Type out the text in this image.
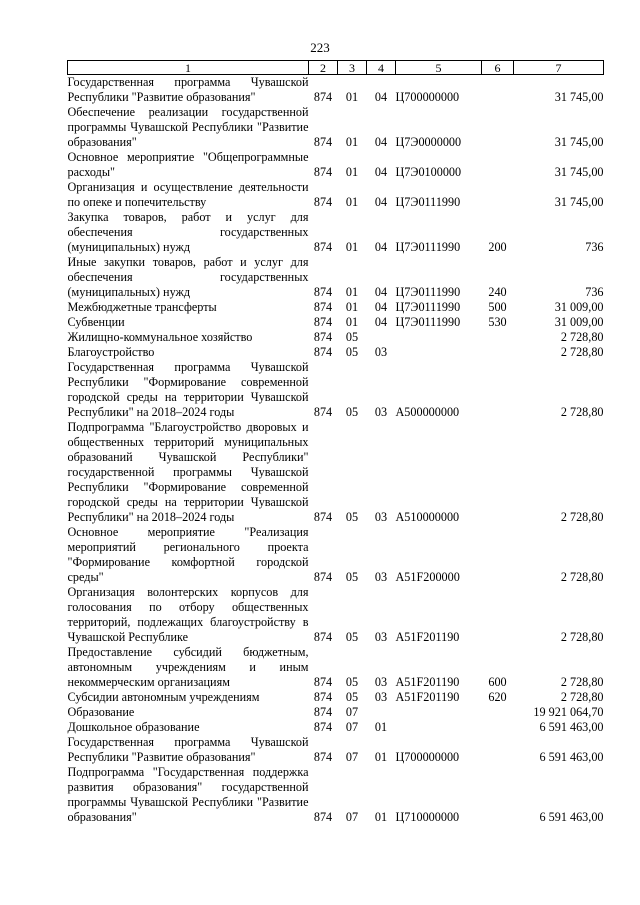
223
1	2	3	4	5	6	7
Государственная программа Чувашской Республики "Развитие образования"	874	01	04	Ц700000000		31 745,00
Обеспечение реализации государственной программы Чувашской Республики "Развитие образования"	874	01	04	Ц7Э0000000		31 745,00
Основное мероприятие "Общепрограммные расходы"	874	01	04	Ц7Э0100000		31 745,00
Организация и осуществление деятельности по опеке и попечительству	874	01	04	Ц7Э0111990		31 745,00
Закупка товаров, работ и услуг для обеспечения государственных (муниципальных) нужд	874	01	04	Ц7Э0111990	200	736
Иные закупки товаров, работ и услуг для обеспечения государственных (муниципальных) нужд	874	01	04	Ц7Э0111990	240	736
Межбюджетные трансферты	874	01	04	Ц7Э0111990	500	31 009,00
Субвенции	874	01	04	Ц7Э0111990	530	31 009,00
Жилищно-коммунальное хозяйство	874	05				2 728,80
Благоустройство	874	05	03			2 728,80
Государственная программа Чувашской Республики "Формирование современной городской среды на территории Чувашской Республики" на 2018–2024 годы	874	05	03	A500000000		2 728,80
Подпрограмма "Благоустройство дворовых и общественных территорий муниципальных образований Чувашской Республики" государственной программы Чувашской Республики "Формирование современной городской среды на территории Чувашской Республики" на 2018–2024 годы	874	05	03	A510000000		2 728,80
Основное мероприятие "Реализация мероприятий регионального проекта "Формирование комфортной городской среды"	874	05	03	A51F200000		2 728,80
Организация волонтерских корпусов для голосования по отбору общественных территорий, подлежащих благоустройству в Чувашской Республике	874	05	03	A51F201190		2 728,80
Предоставление субсидий бюджетным, автономным учреждениям и иным некоммерческим организациям	874	05	03	A51F201190	600	2 728,80
Субсидии автономным учреждениям	874	05	03	A51F201190	620	2 728,80
Образование	874	07				19 921 064,70
Дошкольное образование	874	07	01			6 591 463,00
Государственная программа Чувашской Республики "Развитие образования"	874	07	01	Ц700000000		6 591 463,00
Подпрограмма "Государственная поддержка развития образования" государственной программы Чувашской Республики "Развитие образования"	874	07	01	Ц710000000		6 591 463,00
